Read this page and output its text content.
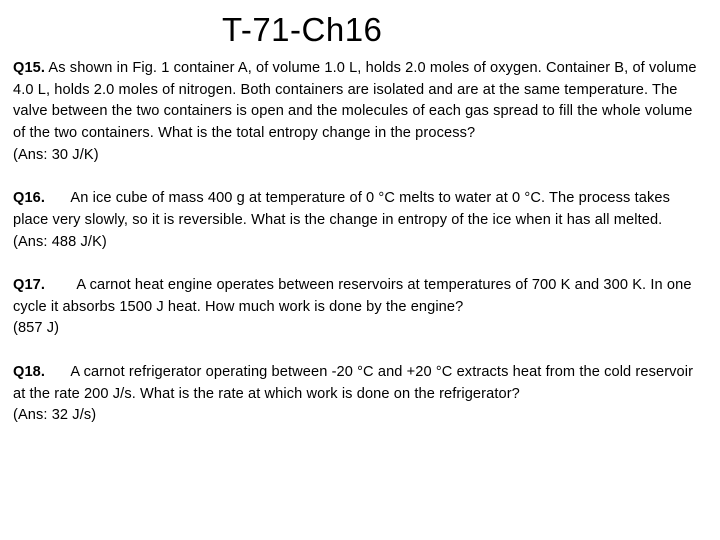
T-71-Ch16
Q15. As shown in Fig. 1 container A, of volume 1.0 L, holds 2.0 moles of oxygen. Container B, of volume 4.0 L, holds 2.0 moles of nitrogen. Both containers are isolated and are at the same temperature. The valve between the two containers is open and the molecules of each gas spread to fill the whole volume of the two containers. What is the total entropy change in the process?
(Ans: 30 J/K)
Q16. An ice cube of mass 400 g at temperature of 0 °C melts to water at 0 °C. The process takes place very slowly, so it is reversible. What is the change in entropy of the ice when it has all melted.
(Ans: 488 J/K)
Q17. A carnot heat engine operates between reservoirs at temperatures of 700 K and 300 K. In one cycle it absorbs 1500 J heat. How much work is done by the engine?
(857 J)
Q18. A carnot refrigerator operating between -20 °C and +20 °C extracts heat from the cold reservoir at the rate 200 J/s. What is the rate at which work is done on the refrigerator?
(Ans: 32 J/s)
